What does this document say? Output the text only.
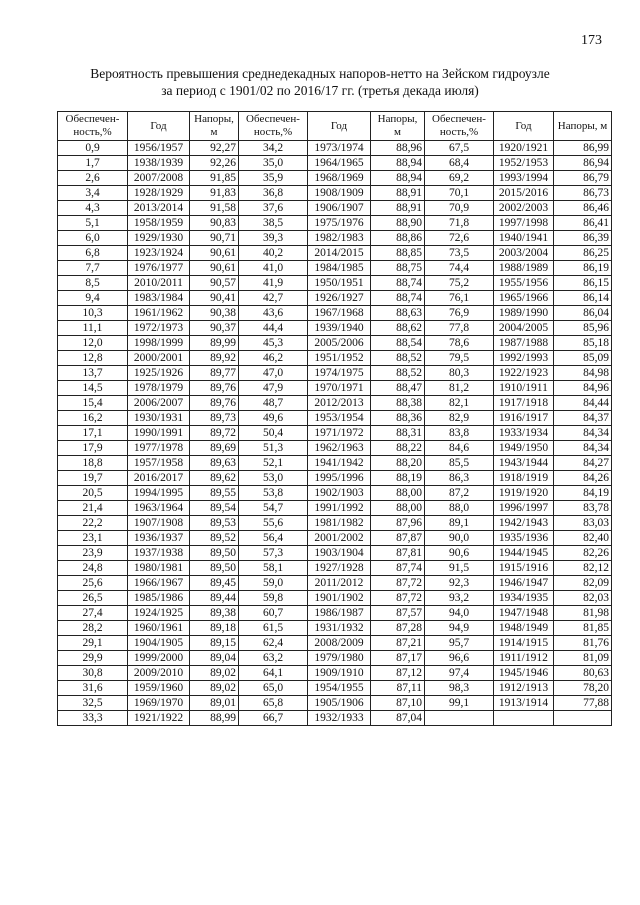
173
Вероятность превышения среднедекадных напоров-нетто на Зейском гидроузле
за период с 1901/02 по 2016/17 гг. (третья декада июля)
Обеспечен-ность,%	Год	Напоры, м	Обеспечен-ность,%	Год	Напоры, м	Обеспечен-ность,%	Год	Напоры, м
0,9	1956/1957	92,27	34,2	1973/1974	88,96	67,5	1920/1921	86,99
1,7	1938/1939	92,26	35,0	1964/1965	88,94	68,4	1952/1953	86,94
2,6	2007/2008	91,85	35,9	1968/1969	88,94	69,2	1993/1994	86,79
3,4	1928/1929	91,83	36,8	1908/1909	88,91	70,1	2015/2016	86,73
4,3	2013/2014	91,58	37,6	1906/1907	88,91	70,9	2002/2003	86,46
5,1	1958/1959	90,83	38,5	1975/1976	88,90	71,8	1997/1998	86,41
6,0	1929/1930	90,71	39,3	1982/1983	88,86	72,6	1940/1941	86,39
6,8	1923/1924	90,61	40,2	2014/2015	88,85	73,5	2003/2004	86,25
7,7	1976/1977	90,61	41,0	1984/1985	88,75	74,4	1988/1989	86,19
8,5	2010/2011	90,57	41,9	1950/1951	88,74	75,2	1955/1956	86,15
9,4	1983/1984	90,41	42,7	1926/1927	88,74	76,1	1965/1966	86,14
10,3	1961/1962	90,38	43,6	1967/1968	88,63	76,9	1989/1990	86,04
11,1	1972/1973	90,37	44,4	1939/1940	88,62	77,8	2004/2005	85,96
12,0	1998/1999	89,99	45,3	2005/2006	88,54	78,6	1987/1988	85,18
12,8	2000/2001	89,92	46,2	1951/1952	88,52	79,5	1992/1993	85,09
13,7	1925/1926	89,77	47,0	1974/1975	88,52	80,3	1922/1923	84,98
14,5	1978/1979	89,76	47,9	1970/1971	88,47	81,2	1910/1911	84,96
15,4	2006/2007	89,76	48,7	2012/2013	88,38	82,1	1917/1918	84,44
16,2	1930/1931	89,73	49,6	1953/1954	88,36	82,9	1916/1917	84,37
17,1	1990/1991	89,72	50,4	1971/1972	88,31	83,8	1933/1934	84,34
17,9	1977/1978	89,69	51,3	1962/1963	88,22	84,6	1949/1950	84,34
18,8	1957/1958	89,63	52,1	1941/1942	88,20	85,5	1943/1944	84,27
19,7	2016/2017	89,62	53,0	1995/1996	88,19	86,3	1918/1919	84,26
20,5	1994/1995	89,55	53,8	1902/1903	88,00	87,2	1919/1920	84,19
21,4	1963/1964	89,54	54,7	1991/1992	88,00	88,0	1996/1997	83,78
22,2	1907/1908	89,53	55,6	1981/1982	87,96	89,1	1942/1943	83,03
23,1	1936/1937	89,52	56,4	2001/2002	87,87	90,0	1935/1936	82,40
23,9	1937/1938	89,50	57,3	1903/1904	87,81	90,6	1944/1945	82,26
24,8	1980/1981	89,50	58,1	1927/1928	87,74	91,5	1915/1916	82,12
25,6	1966/1967	89,45	59,0	2011/2012	87,72	92,3	1946/1947	82,09
26,5	1985/1986	89,44	59,8	1901/1902	87,72	93,2	1934/1935	82,03
27,4	1924/1925	89,38	60,7	1986/1987	87,57	94,0	1947/1948	81,98
28,2	1960/1961	89,18	61,5	1931/1932	87,28	94,9	1948/1949	81,85
29,1	1904/1905	89,15	62,4	2008/2009	87,21	95,7	1914/1915	81,76
29,9	1999/2000	89,04	63,2	1979/1980	87,17	96,6	1911/1912	81,09
30,8	2009/2010	89,02	64,1	1909/1910	87,12	97,4	1945/1946	80,63
31,6	1959/1960	89,02	65,0	1954/1955	87,11	98,3	1912/1913	78,20
32,5	1969/1970	89,01	65,8	1905/1906	87,10	99,1	1913/1914	77,88
33,3	1921/1922	88,99	66,7	1932/1933	87,04			
